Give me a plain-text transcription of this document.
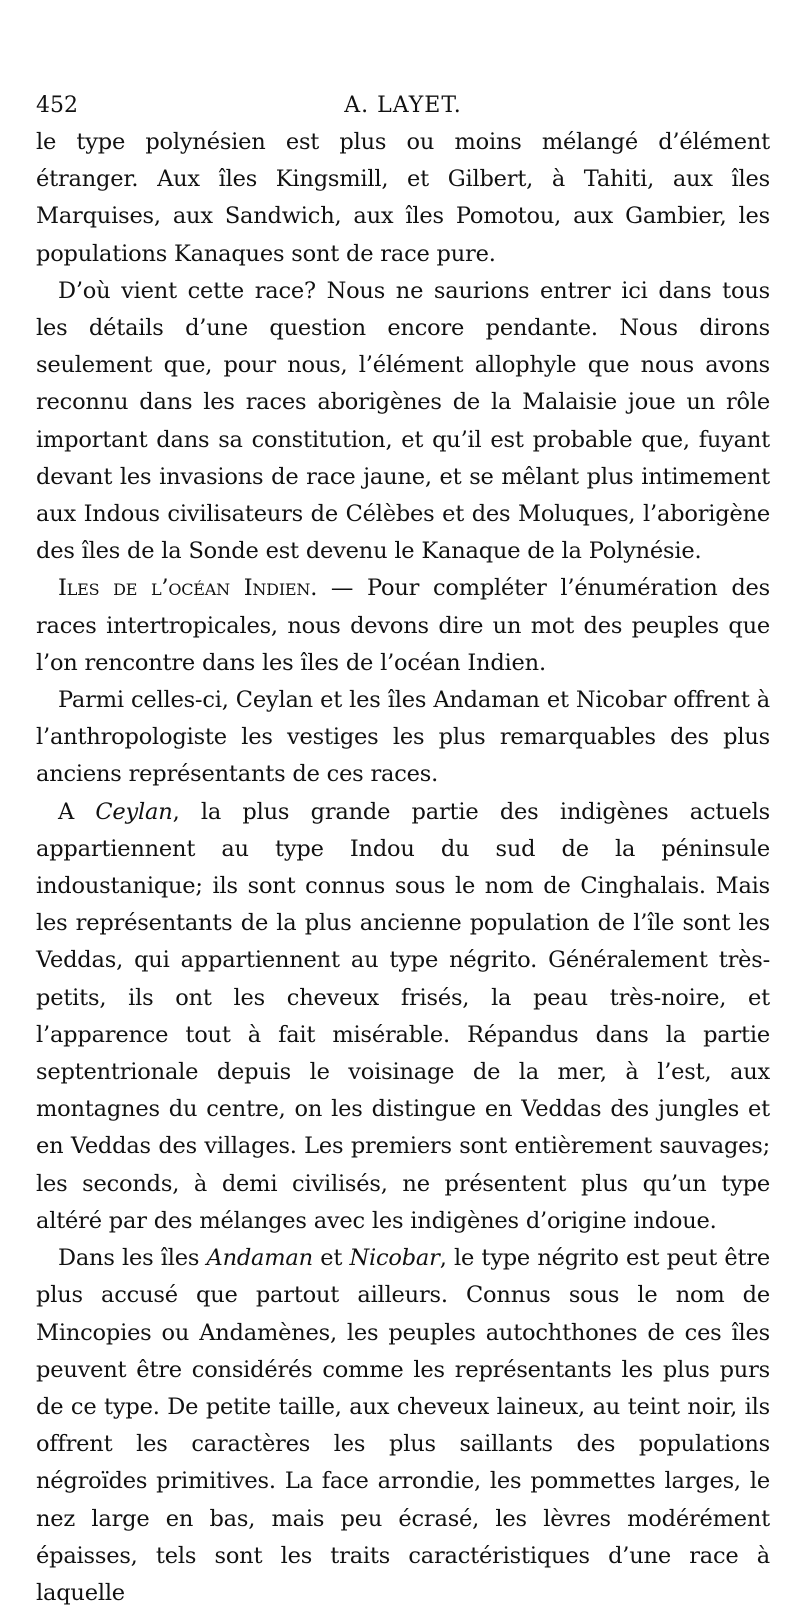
452	A. LAYET.

le type polynésien est plus ou moins mélangé d’élément étranger. Aux îles Kingsmill, et Gilbert, à Tahiti, aux îles Marquises, aux Sandwich, aux îles Pomotou, aux Gambier, les populations Kanaques sont de race pure.

D’où vient cette race? Nous ne saurions entrer ici dans tous les détails d’une question encore pendante. Nous dirons seulement que, pour nous, l’élément allophyle que nous avons reconnu dans les races aborigènes de la Malaisie joue un rôle important dans sa constitution, et qu’il est probable que, fuyant devant les invasions de race jaune, et se mêlant plus intimement aux Indous civilisateurs de Célèbes et des Moluques, l’aborigène des îles de la Sonde est devenu le Kanaque de la Polynésie.

Iles de l’océan Indien. — Pour compléter l’énumération des races intertropicales, nous devons dire un mot des peuples que l’on rencontre dans les îles de l’océan Indien.

Parmi celles-ci, Ceylan et les îles Andaman et Nicobar offrent à l’anthropologiste les vestiges les plus remarquables des plus anciens représentants de ces races.

A Ceylan, la plus grande partie des indigènes actuels appartiennent au type Indou du sud de la péninsule indoustanique; ils sont connus sous le nom de Cinghalais. Mais les représentants de la plus ancienne population de l’île sont les Veddas, qui appartiennent au type négrito. Généralement très-petits, ils ont les cheveux frisés, la peau très-noire, et l’apparence tout à fait misérable. Répandus dans la partie septentrionale depuis le voisinage de la mer, à l’est, aux montagnes du centre, on les distingue en Veddas des jungles et en Veddas des villages. Les premiers sont entièrement sauvages; les seconds, à demi civilisés, ne présentent plus qu’un type altéré par des mélanges avec les indigènes d’origine indoue.

Dans les îles Andaman et Nicobar, le type négrito est peut être plus accusé que partout ailleurs. Connus sous le nom de Mincopies ou Andamènes, les peuples autochthones de ces îles peuvent être considérés comme les représentants les plus purs de ce type. De petite taille, aux cheveux laineux, au teint noir, ils offrent les caractères les plus saillants des populations négroïdes primitives. La face arrondie, les pommettes larges, le nez large en bas, mais peu écrasé, les lèvres modérément épaisses, tels sont les traits caractéristiques d’une race à laquelle
